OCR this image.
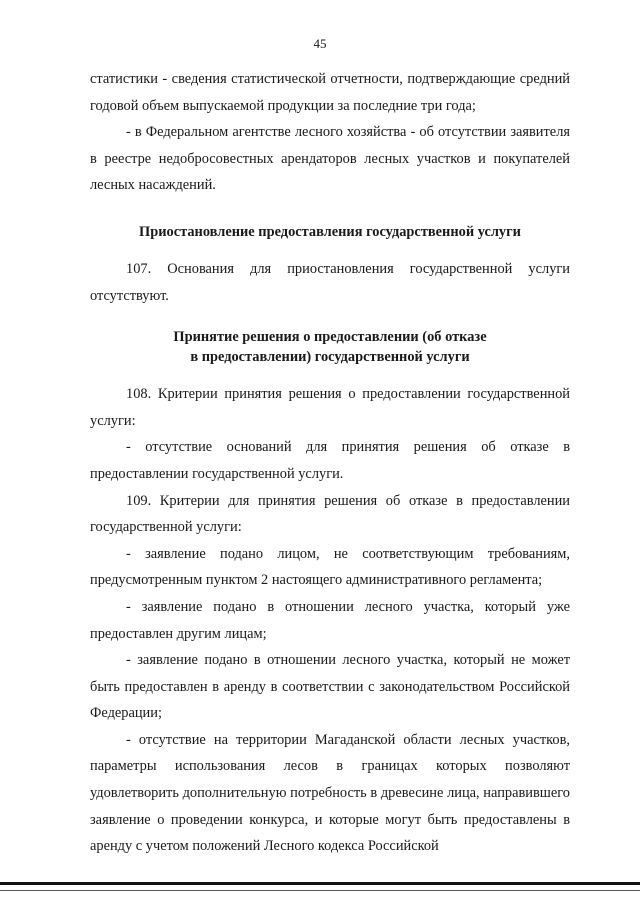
45

статистики - сведения статистической отчетности, подтверждающие средний годовой объем выпускаемой продукции за последние три года;

- в Федеральном агентстве лесного хозяйства - об отсутствии заявителя в реестре недобросовестных арендаторов лесных участков и покупателей лесных насаждений.

Приостановление предоставления государственной услуги

107. Основания для приостановления государственной услуги отсутствуют.

Принятие решения о предоставлении (об отказе
в предоставлении) государственной услуги

108. Критерии принятия решения о предоставлении государственной услуги:

- отсутствие оснований для принятия решения об отказе в предоставлении государственной услуги.

109. Критерии для принятия решения об отказе в предоставлении государственной услуги:

- заявление подано лицом, не соответствующим требованиям, предусмотренным пунктом 2 настоящего административного регламента;

- заявление подано в отношении лесного участка, который уже предоставлен другим лицам;

- заявление подано в отношении лесного участка, который не может быть предоставлен в аренду в соответствии с законодательством Российской Федерации;

- отсутствие на территории Магаданской области лесных участков, параметры использования лесов в границах которых позволяют удовлетворить дополнительную потребность в древесине лица, направившего заявление о проведении конкурса, и которые могут быть предоставлены в аренду с учетом положений Лесного кодекса Российской
